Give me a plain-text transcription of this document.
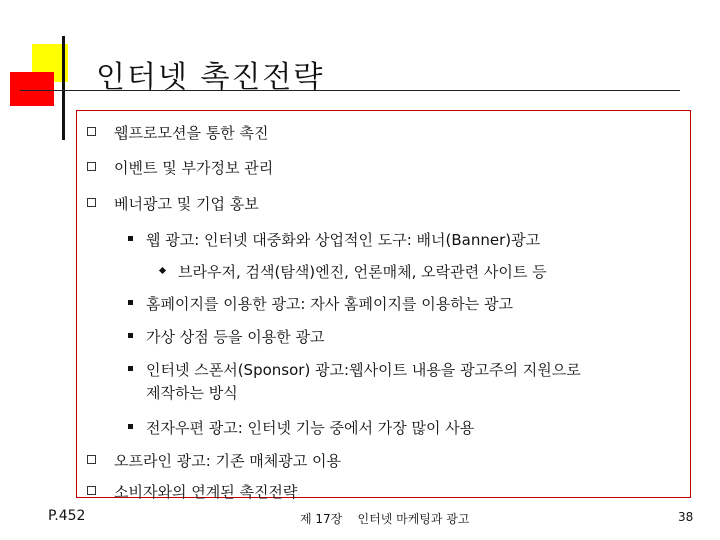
인터넷 촉진전략
웹프로모션을 통한 촉진
이벤트 및 부가정보 관리
베너광고 및 기업 홍보
웹 광고: 인터넷 대중화와 상업적인 도구: 배너(Banner)광고
브라우저, 검색(탐색)엔진, 언론매체, 오락관련 사이트 등
홈페이지를 이용한 광고: 자사 홈페이지를 이용하는 광고
가상 상점 등을 이용한 광고
인터넷 스폰서(Sponsor) 광고:웹사이트 내용을 광고주의 지원으로
제작하는 방식
전자우편 광고: 인터넷 기능 중에서 가장 많이 사용
오프라인 광고: 기존 매체광고 이용
소비자와의 연계된 촉진전략
P.452	제 17장    인터넷 마케팅과 광고	38
